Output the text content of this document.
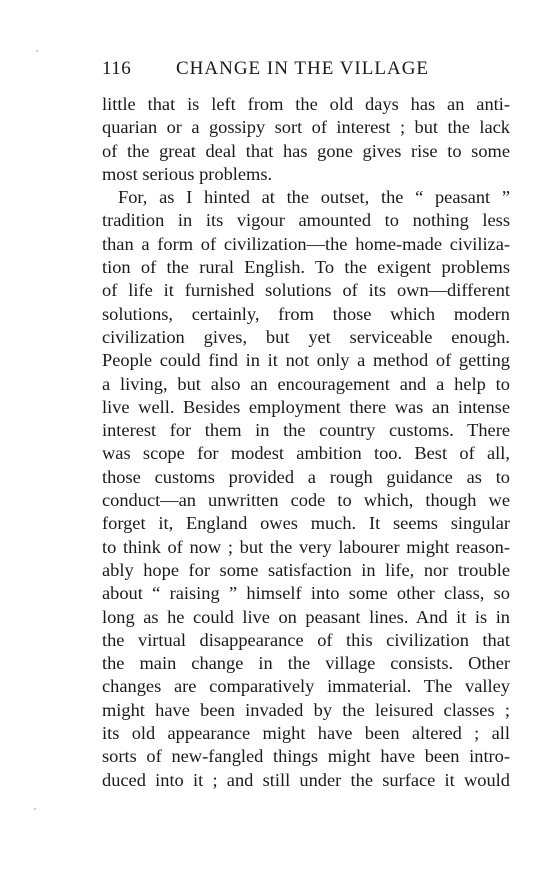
116 CHANGE IN THE VILLAGE
little that is left from the old days has an anti-
quarian or a gossipy sort of interest ; but the lack
of the great deal that has gone gives rise to some
most serious problems.
For, as I hinted at the outset, the “ peasant ”
tradition in its vigour amounted to nothing less
than a form of civilization—the home-made civiliza-
tion of the rural English. To the exigent problems
of life it furnished solutions of its own—different
solutions, certainly, from those which modern
civilization gives, but yet serviceable enough.
People could find in it not only a method of getting
a living, but also an encouragement and a help to
live well. Besides employment there was an intense
interest for them in the country customs. There
was scope for modest ambition too. Best of all,
those customs provided a rough guidance as to
conduct—an unwritten code to which, though we
forget it, England owes much. It seems singular
to think of now ; but the very labourer might reason-
ably hope for some satisfaction in life, nor trouble
about “ raising ” himself into some other class, so
long as he could live on peasant lines. And it is in
the virtual disappearance of this civilization that
the main change in the village consists. Other
changes are comparatively immaterial. The valley
might have been invaded by the leisured classes ;
its old appearance might have been altered ; all
sorts of new-fangled things might have been intro-
duced into it ; and still under the surface it would
